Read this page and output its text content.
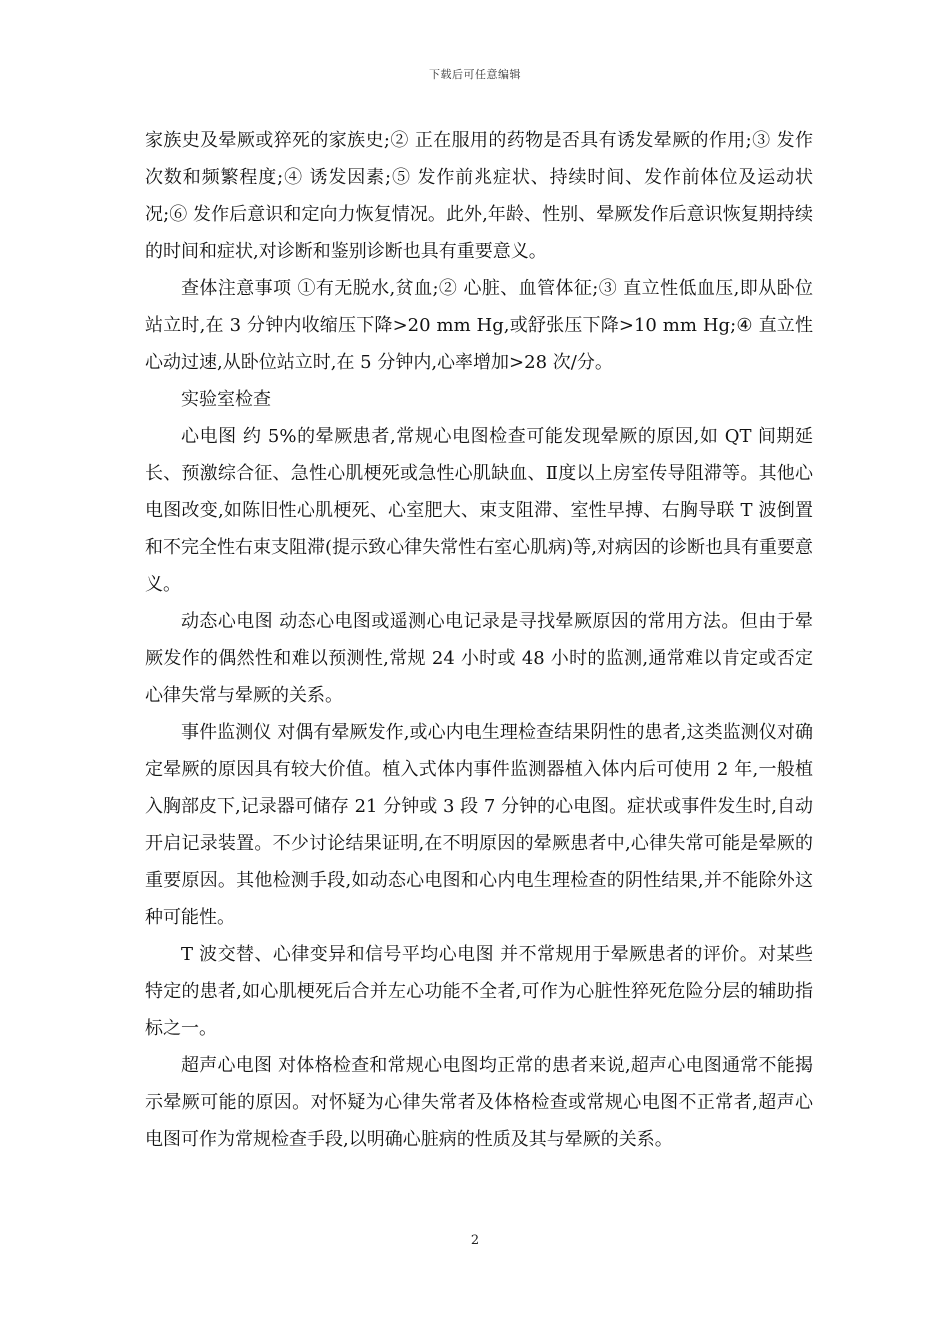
下载后可任意编辑

家族史及晕厥或猝死的家族史;② 正在服用的药物是否具有诱发晕厥的作用;③ 发作次数和频繁程度;④ 诱发因素;⑤ 发作前兆症状、持续时间、发作前体位及运动状况;⑥ 发作后意识和定向力恢复情况。此外,年龄、性别、晕厥发作后意识恢复期持续的时间和症状,对诊断和鉴别诊断也具有重要意义。

查体注意事项 ①有无脱水,贫血;② 心脏、血管体征;③ 直立性低血压,即从卧位站立时,在 3 分钟内收缩压下降>20 mm Hg,或舒张压下降>10 mm Hg;④ 直立性心动过速,从卧位站立时,在 5 分钟内,心率增加>28 次/分。

实验室检查

心电图 约 5%的晕厥患者,常规心电图检查可能发现晕厥的原因,如 QT 间期延长、预激综合征、急性心肌梗死或急性心肌缺血、Ⅱ度以上房室传导阻滞等。其他心电图改变,如陈旧性心肌梗死、心室肥大、束支阻滞、室性早搏、右胸导联 T 波倒置和不完全性右束支阻滞(提示致心律失常性右室心肌病)等,对病因的诊断也具有重要意义。

动态心电图 动态心电图或遥测心电记录是寻找晕厥原因的常用方法。但由于晕厥发作的偶然性和难以预测性,常规 24 小时或 48 小时的监测,通常难以肯定或否定心律失常与晕厥的关系。

事件监测仪 对偶有晕厥发作,或心内电生理检查结果阴性的患者,这类监测仪对确定晕厥的原因具有较大价值。植入式体内事件监测器植入体内后可使用 2 年,一般植入胸部皮下,记录器可储存 21 分钟或 3 段 7 分钟的心电图。症状或事件发生时,自动开启记录装置。不少讨论结果证明,在不明原因的晕厥患者中,心律失常可能是晕厥的重要原因。其他检测手段,如动态心电图和心内电生理检查的阴性结果,并不能除外这种可能性。

T 波交替、心律变异和信号平均心电图 并不常规用于晕厥患者的评价。对某些特定的患者,如心肌梗死后合并左心功能不全者,可作为心脏性猝死危险分层的辅助指标之一。

超声心电图 对体格检查和常规心电图均正常的患者来说,超声心电图通常不能揭示晕厥可能的原因。对怀疑为心律失常者及体格检查或常规心电图不正常者,超声心电图可作为常规检查手段,以明确心脏病的性质及其与晕厥的关系。

2
